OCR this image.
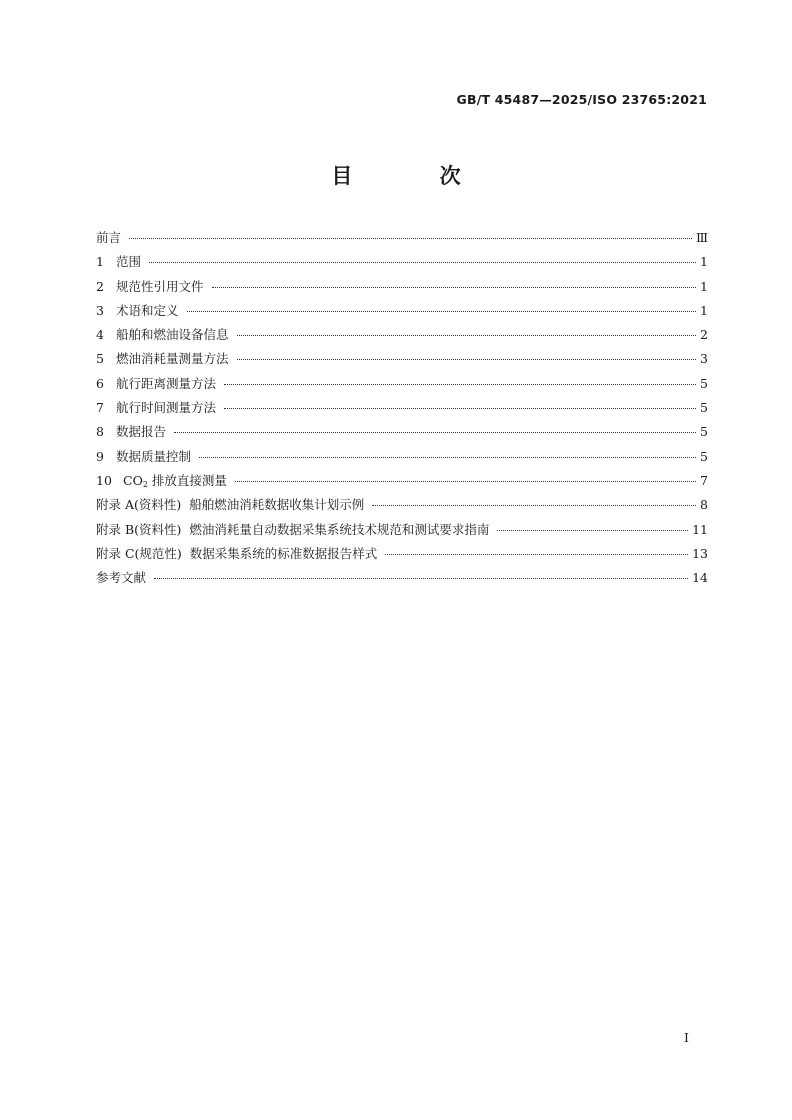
GB/T 45487—2025/ISO 23765:2021
目 次
前言	Ⅲ
1 范围	1
2 规范性引用文件	1
3 术语和定义	1
4 船舶和燃油设备信息	2
5 燃油消耗量测量方法	3
6 航行距离测量方法	5
7 航行时间测量方法	5
8 数据报告	5
9 数据质量控制	5
10 $CO_2$ 排放直接测量	7
附录 A(资料性)  船舶燃油消耗数据收集计划示例	8
附录 B(资料性)  燃油消耗量自动数据采集系统技术规范和测试要求指南	11
附录 C(规范性)  数据采集系统的标准数据报告样式	13
参考文献	14
I
